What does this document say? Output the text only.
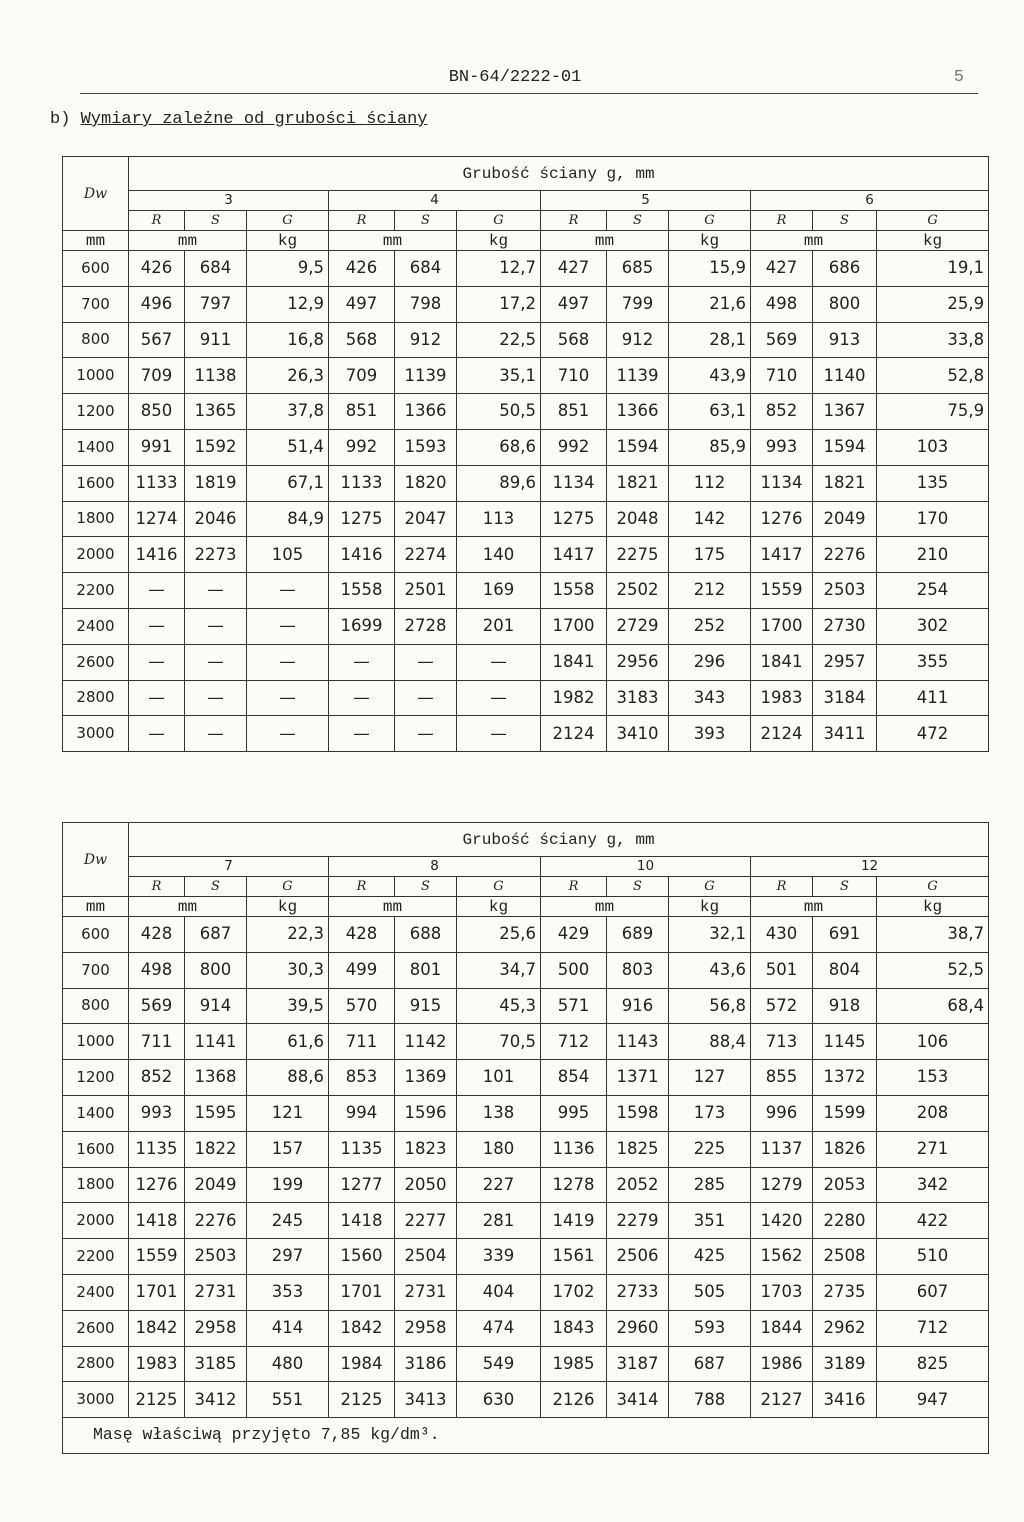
BN-64/2222-01	5
b) Wymiary zależne od grubości ściany
Dw	Grubość ściany g, mm											
	3			4			5			6		
	R	S	G	R	S	G	R	S	G	R	S	G
mm	mm		kg	mm		kg	mm		kg	mm		kg
600	426	684	9,5	426	684	12,7	427	685	15,9	427	686	19,1
700	496	797	12,9	497	798	17,2	497	799	21,6	498	800	25,9
800	567	911	16,8	568	912	22,5	568	912	28,1	569	913	33,8
1000	709	1138	26,3	709	1139	35,1	710	1139	43,9	710	1140	52,8
1200	850	1365	37,8	851	1366	50,5	851	1366	63,1	852	1367	75,9
1400	991	1592	51,4	992	1593	68,6	992	1594	85,9	993	1594	103
1600	1133	1819	67,1	1133	1820	89,6	1134	1821	112	1134	1821	135
1800	1274	2046	84,9	1275	2047	113	1275	2048	142	1276	2049	170
2000	1416	2273	105	1416	2274	140	1417	2275	175	1417	2276	210
2200	—	—	—	1558	2501	169	1558	2502	212	1559	2503	254
2400	—	—	—	1699	2728	201	1700	2729	252	1700	2730	302
2600	—	—	—	—	—	—	1841	2956	296	1841	2957	355
2800	—	—	—	—	—	—	1982	3183	343	1983	3184	411
3000	—	—	—	—	—	—	2124	3410	393	2124	3411	472
Dw	Grubość ściany g, mm											
	7			8			10			12		
	R	S	G	R	S	G	R	S	G	R	S	G
mm	mm		kg	mm		kg	mm		kg	mm		kg
600	428	687	22,3	428	688	25,6	429	689	32,1	430	691	38,7
700	498	800	30,3	499	801	34,7	500	803	43,6	501	804	52,5
800	569	914	39,5	570	915	45,3	571	916	56,8	572	918	68,4
1000	711	1141	61,6	711	1142	70,5	712	1143	88,4	713	1145	106
1200	852	1368	88,6	853	1369	101	854	1371	127	855	1372	153
1400	993	1595	121	994	1596	138	995	1598	173	996	1599	208
1600	1135	1822	157	1135	1823	180	1136	1825	225	1137	1826	271
1800	1276	2049	199	1277	2050	227	1278	2052	285	1279	2053	342
2000	1418	2276	245	1418	2277	281	1419	2279	351	1420	2280	422
2200	1559	2503	297	1560	2504	339	1561	2506	425	1562	2508	510
2400	1701	2731	353	1701	2731	404	1702	2733	505	1703	2735	607
2600	1842	2958	414	1842	2958	474	1843	2960	593	1844	2962	712
2800	1983	3185	480	1984	3186	549	1985	3187	687	1986	3189	825
3000	2125	3412	551	2125	3413	630	2126	3414	788	2127	3416	947
Masę właściwą przyjęto 7,85 kg/dm³.												
